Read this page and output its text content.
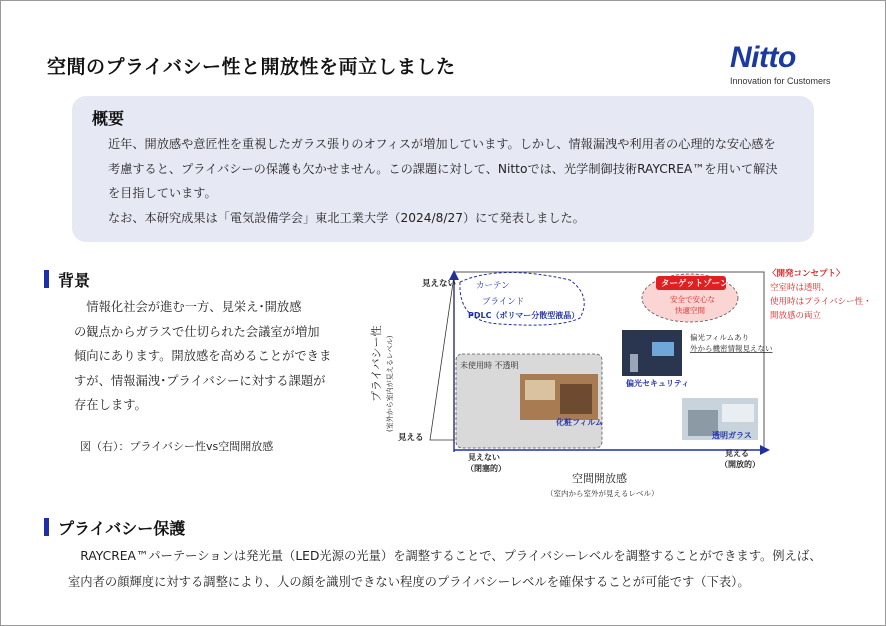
空間のプライバシー性と開放性を両立しました	Nitto
Innovation for Customers
概要
近年、開放感や意匠性を重視したガラス張りのオフィスが増加しています。しかし、情報漏洩や利用者の心理的な安心感を
考慮すると、プライバシーの保護も欠かせません。この課題に対して、Nittoでは、光学制御技術RAYCREA™を用いて解決
を目指しています。
なお、本研究成果は「電気設備学会」東北工業大学（2024/8/27）にて発表しました。
背景
　情報化社会が進む一方、見栄え･開放感
の観点からガラスで仕切られた会議室が増加
傾向にあります。開放感を高めることができま
すが、情報漏洩･プライバシーに対する課題が
存在します。
図（右）：プライバシー性vs空間開放感
見えない
見える
プライバシー性 (室外から室内が見えるレベル)
見えない
（閉塞的）
見える
（開放的）
空間開放感
（室内から室外が見えるレベル）
カーテン
ブラインド
PDLC（ポリマー分散型液晶）
未使用時 不透明
化粧フィルム
ターゲットゾーン
安全で安心な
快適空間
偏光セキュリティ
偏光フィルムあり
外から機密情報見えない
透明ガラス
〈開発コンセプト〉
空室時は透明、
使用時はプライバシー性・
開放感の両立
プライバシー保護
　RAYCREA™パーテーションは発光量（LED光源の光量）を調整することで、プライバシーレベルを調整することができます。例えば、
室内者の顔輝度に対する調整により、人の顔を識別できない程度のプライバシーレベルを確保することが可能です（下表）。
